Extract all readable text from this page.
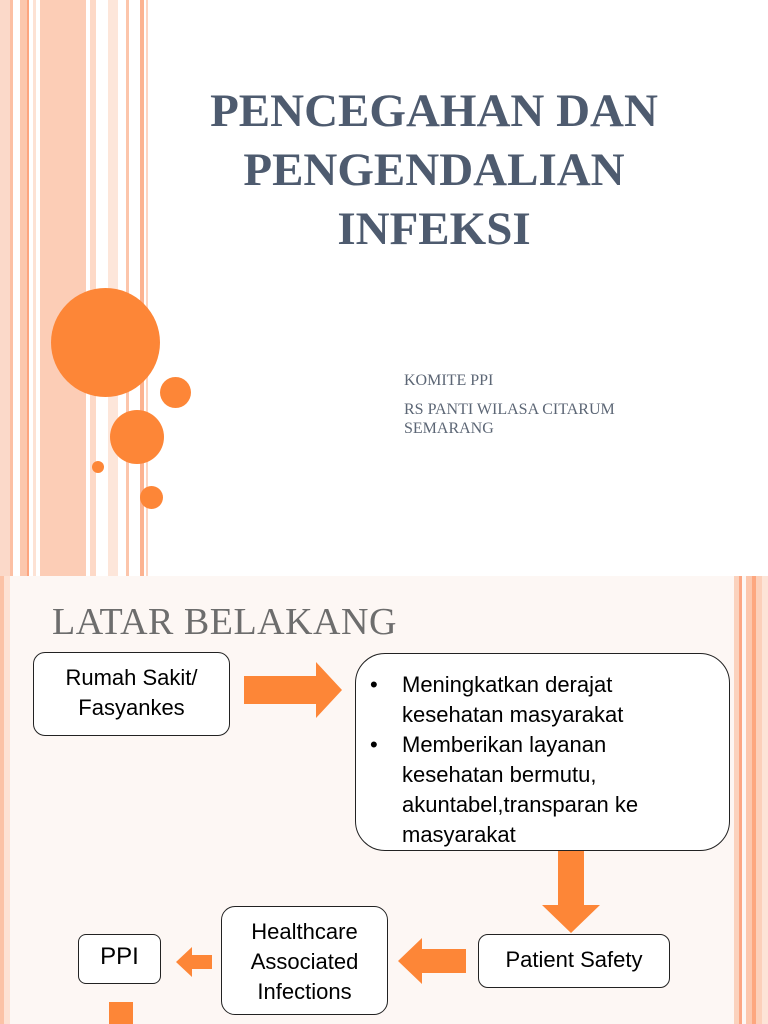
PENCEGAHAN DAN
PENGENDALIAN
INFEKSI
KOMITE PPI
RS PANTI WILASA CITARUM
SEMARANG
LATAR BELAKANG
Rumah Sakit/
Fasyankes
• Meningkatkan derajat
kesehatan masyarakat
• Memberikan layanan
kesehatan bermutu,
akuntabel,transparan ke
masyarakat
Patient Safety
Healthcare
Associated
Infections
PPI
